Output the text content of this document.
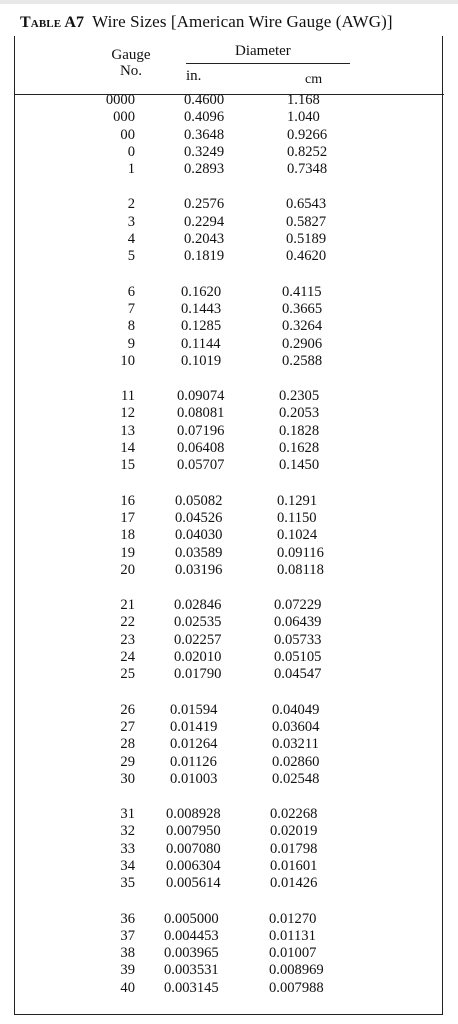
Table A7 Wire Sizes [American Wire Gauge (AWG)]
Gauge
No.
Diameter
in.	cm
0000	0.4600	1.168
000	0.4096	1.040
00	0.3648	0.9266
0	0.3249	0.8252
1	0.2893	0.7348
2	0.2576	0.6543
3	0.2294	0.5827
4	0.2043	0.5189
5	0.1819	0.4620
6	0.1620	0.4115
7	0.1443	0.3665
8	0.1285	0.3264
9	0.1144	0.2906
10	0.1019	0.2588
11	0.09074	0.2305
12	0.08081	0.2053
13	0.07196	0.1828
14	0.06408	0.1628
15	0.05707	0.1450
16	0.05082	0.1291
17	0.04526	0.1150
18	0.04030	0.1024
19	0.03589	0.09116
20	0.03196	0.08118
21	0.02846	0.07229
22	0.02535	0.06439
23	0.02257	0.05733
24	0.02010	0.05105
25	0.01790	0.04547
26 0.01594	0.04049
27 0.01419	0.03604
28 0.01264	0.03211
29 0.01126	0.02860
30 0.01003	0.02548
31 0.008928	0.02268
32 0.007950	0.02019
33 0.007080	0.01798
34 0.006304	0.01601
35 0.005614	0.01426
36 0.005000	0.01270
37 0.004453	0.01131
38 0.003965	0.01007
39 0.003531	0.008969
40 0.003145	0.007988
